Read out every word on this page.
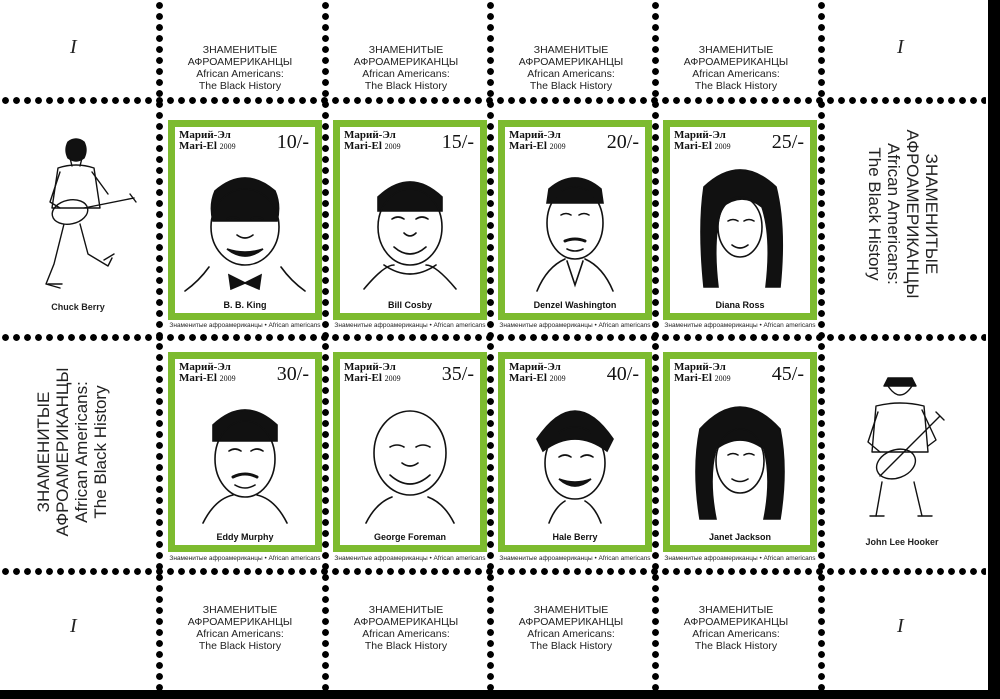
I	I
I	I
ЗНАМЕНИТЫЕ
АФРОАМЕРИКАНЦЫ
African Americans:
The Black History
ЗНАМЕНИТЫЕ
АФРОАМЕРИКАНЦЫ
African Americans:
The Black History
ЗНАМЕНИТЫЕ
АФРОАМЕРИКАНЦЫ
African Americans:
The Black History
ЗНАМЕНИТЫЕ
АФРОАМЕРИКАНЦЫ
African Americans:
The Black History
ЗНАМЕНИТЫЕ
АФРОАМЕРИКАНЦЫ
African Americans:
The Black History
ЗНАМЕНИТЫЕ
АФРОАМЕРИКАНЦЫ
African Americans:
The Black History
ЗНАМЕНИТЫЕ
АФРОАМЕРИКАНЦЫ
African Americans:
The Black History
ЗНАМЕНИТЫЕ
АФРОАМЕРИКАНЦЫ
African Americans:
The Black History
ЗНАМЕНИТЫЕ
АФРОАМЕРИКАНЦЫ
African Americans:
The Black History
ЗНАМЕНИТЫЕ АФРОАМЕРИКАНЦЫ African Americans: The Black History
Chuck Berry
John Lee Hooker
Марий-Эл
Mari-El 2009 10/-
B. B. King
Знаменитые афроамериканцы • African americans
Марий-Эл
Mari-El 2009 15/-
Bill Cosby
Знаменитые афроамериканцы • African americans
Марий-Эл
Mari-El 2009 20/-
Denzel Washington
Знаменитые афроамериканцы • African americans
Марий-Эл
Mari-El 2009 25/-
Diana Ross
Знаменитые афроамериканцы • African americans
Марий-Эл
Mari-El 2009 30/-
Eddy Murphy
Знаменитые афроамериканцы • African americans
Марий-Эл
Mari-El 2009 35/-
George Foreman
Знаменитые афроамериканцы • African americans
Марий-Эл
Mari-El 2009 40/-
Hale Berry
Знаменитые афроамериканцы • African americans
Марий-Эл
Mari-El 2009 45/-
Janet Jackson
Знаменитые афроамериканцы • African americans
